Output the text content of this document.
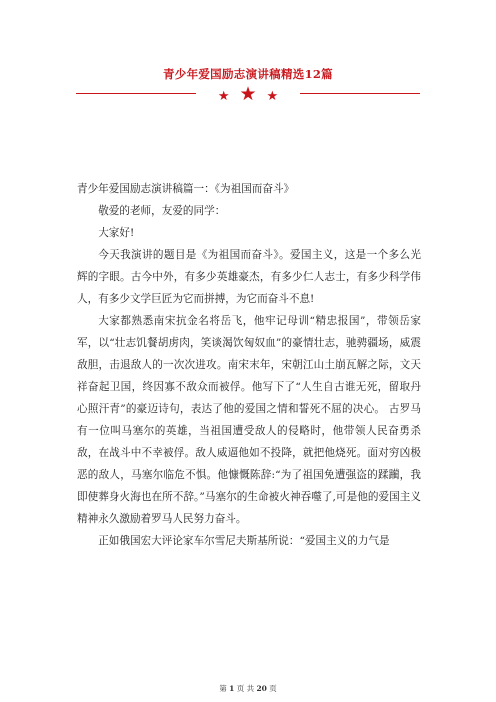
青少年爱国励志演讲稿精选12篇
★ ★ ★

青少年爱国励志演讲稿篇一：《为祖国而奋斗》

敬爱的老师，友爱的同学：

大家好!

今天我演讲的题目是《为祖国而奋斗》。爱国主义，这是一个多么光辉的字眼。古今中外，有多少英雄豪杰，有多少仁人志士，有多少科学伟人，有多少文学巨匠为它而拼搏，为它而奋斗不息!

大家都熟悉南宋抗金名将岳飞，他牢记母训“精忠报国”，带领岳家军，以“壮志饥餐胡虏肉，笑谈渴饮匈奴血”的豪情壮志，驰骋疆场，威震敌胆，击退敌人的一次次进攻。南宋末年，宋朝江山土崩瓦解之际，文天祥奋起卫国，终因寡不敌众而被俘。他写下了“人生自古谁无死，留取丹心照汗青”的豪迈诗句，表达了他的爱国之情和誓死不屈的决心。 古罗马有一位叫马塞尔的英雄，当祖国遭受敌人的侵略时，他带领人民奋勇杀敌，在战斗中不幸被俘。敌人威逼他如不投降，就把他烧死。面对穷凶极恶的敌人，马塞尔临危不惧。他慷慨陈辞:“为了祖国免遭强盗的蹂躏，我即使葬身火海也在所不辞。”马塞尔的生命被火神吞噬了,可是他的爱国主义精神永久激励着罗马人民努力奋斗。

正如俄国宏大评论家车尔雪尼夫斯基所说：“爱国主义的力气是

第 1 页 共 20 页
